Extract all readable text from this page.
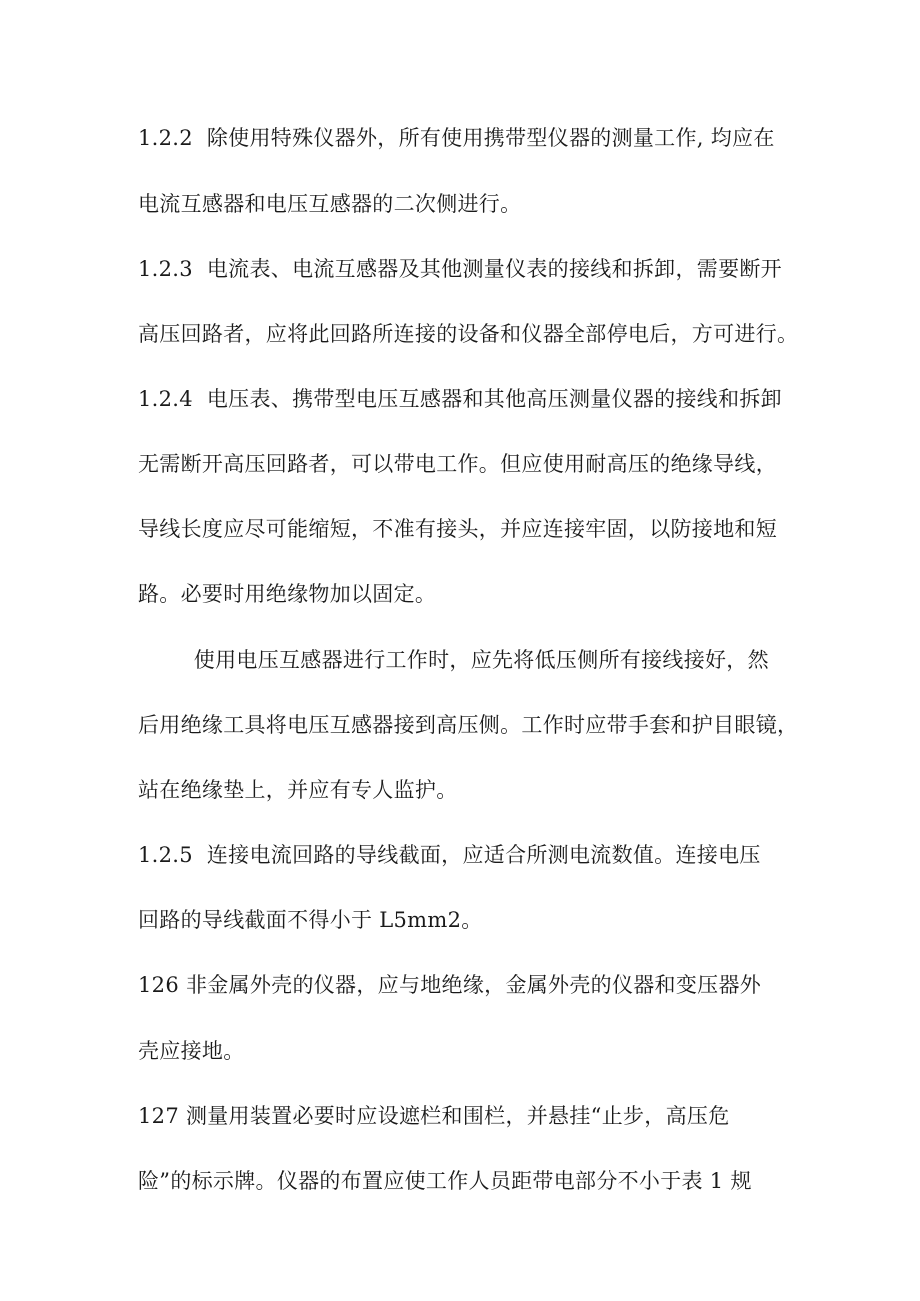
1.2.2  除使用特殊仪器外，所有使用携带型仪器的测量工作, 均应在
电流互感器和电压互感器的二次侧进行。
1.2.3  电流表、电流互感器及其他测量仪表的接线和拆卸，需要断开
高压回路者，应将此回路所连接的设备和仪器全部停电后，方可进行。
1.2.4  电压表、携带型电压互感器和其他高压测量仪器的接线和拆卸
无需断开高压回路者，可以带电工作。但应使用耐高压的绝缘导线，
导线长度应尽可能缩短，不准有接头，并应连接牢固，以防接地和短
路。必要时用绝缘物加以固定。
使用电压互感器进行工作时，应先将低压侧所有接线接好，然
后用绝缘工具将电压互感器接到高压侧。工作时应带手套和护目眼镜，
站在绝缘垫上，并应有专人监护。
1.2.5  连接电流回路的导线截面，应适合所测电流数值。连接电压
回路的导线截面不得小于 L5mm2。
126 非金属外壳的仪器，应与地绝缘，金属外壳的仪器和变压器外
壳应接地。
127 测量用装置必要时应设遮栏和围栏，并悬挂“止步，高压危
险”的标示牌。仪器的布置应使工作人员距带电部分不小于表 1 规
